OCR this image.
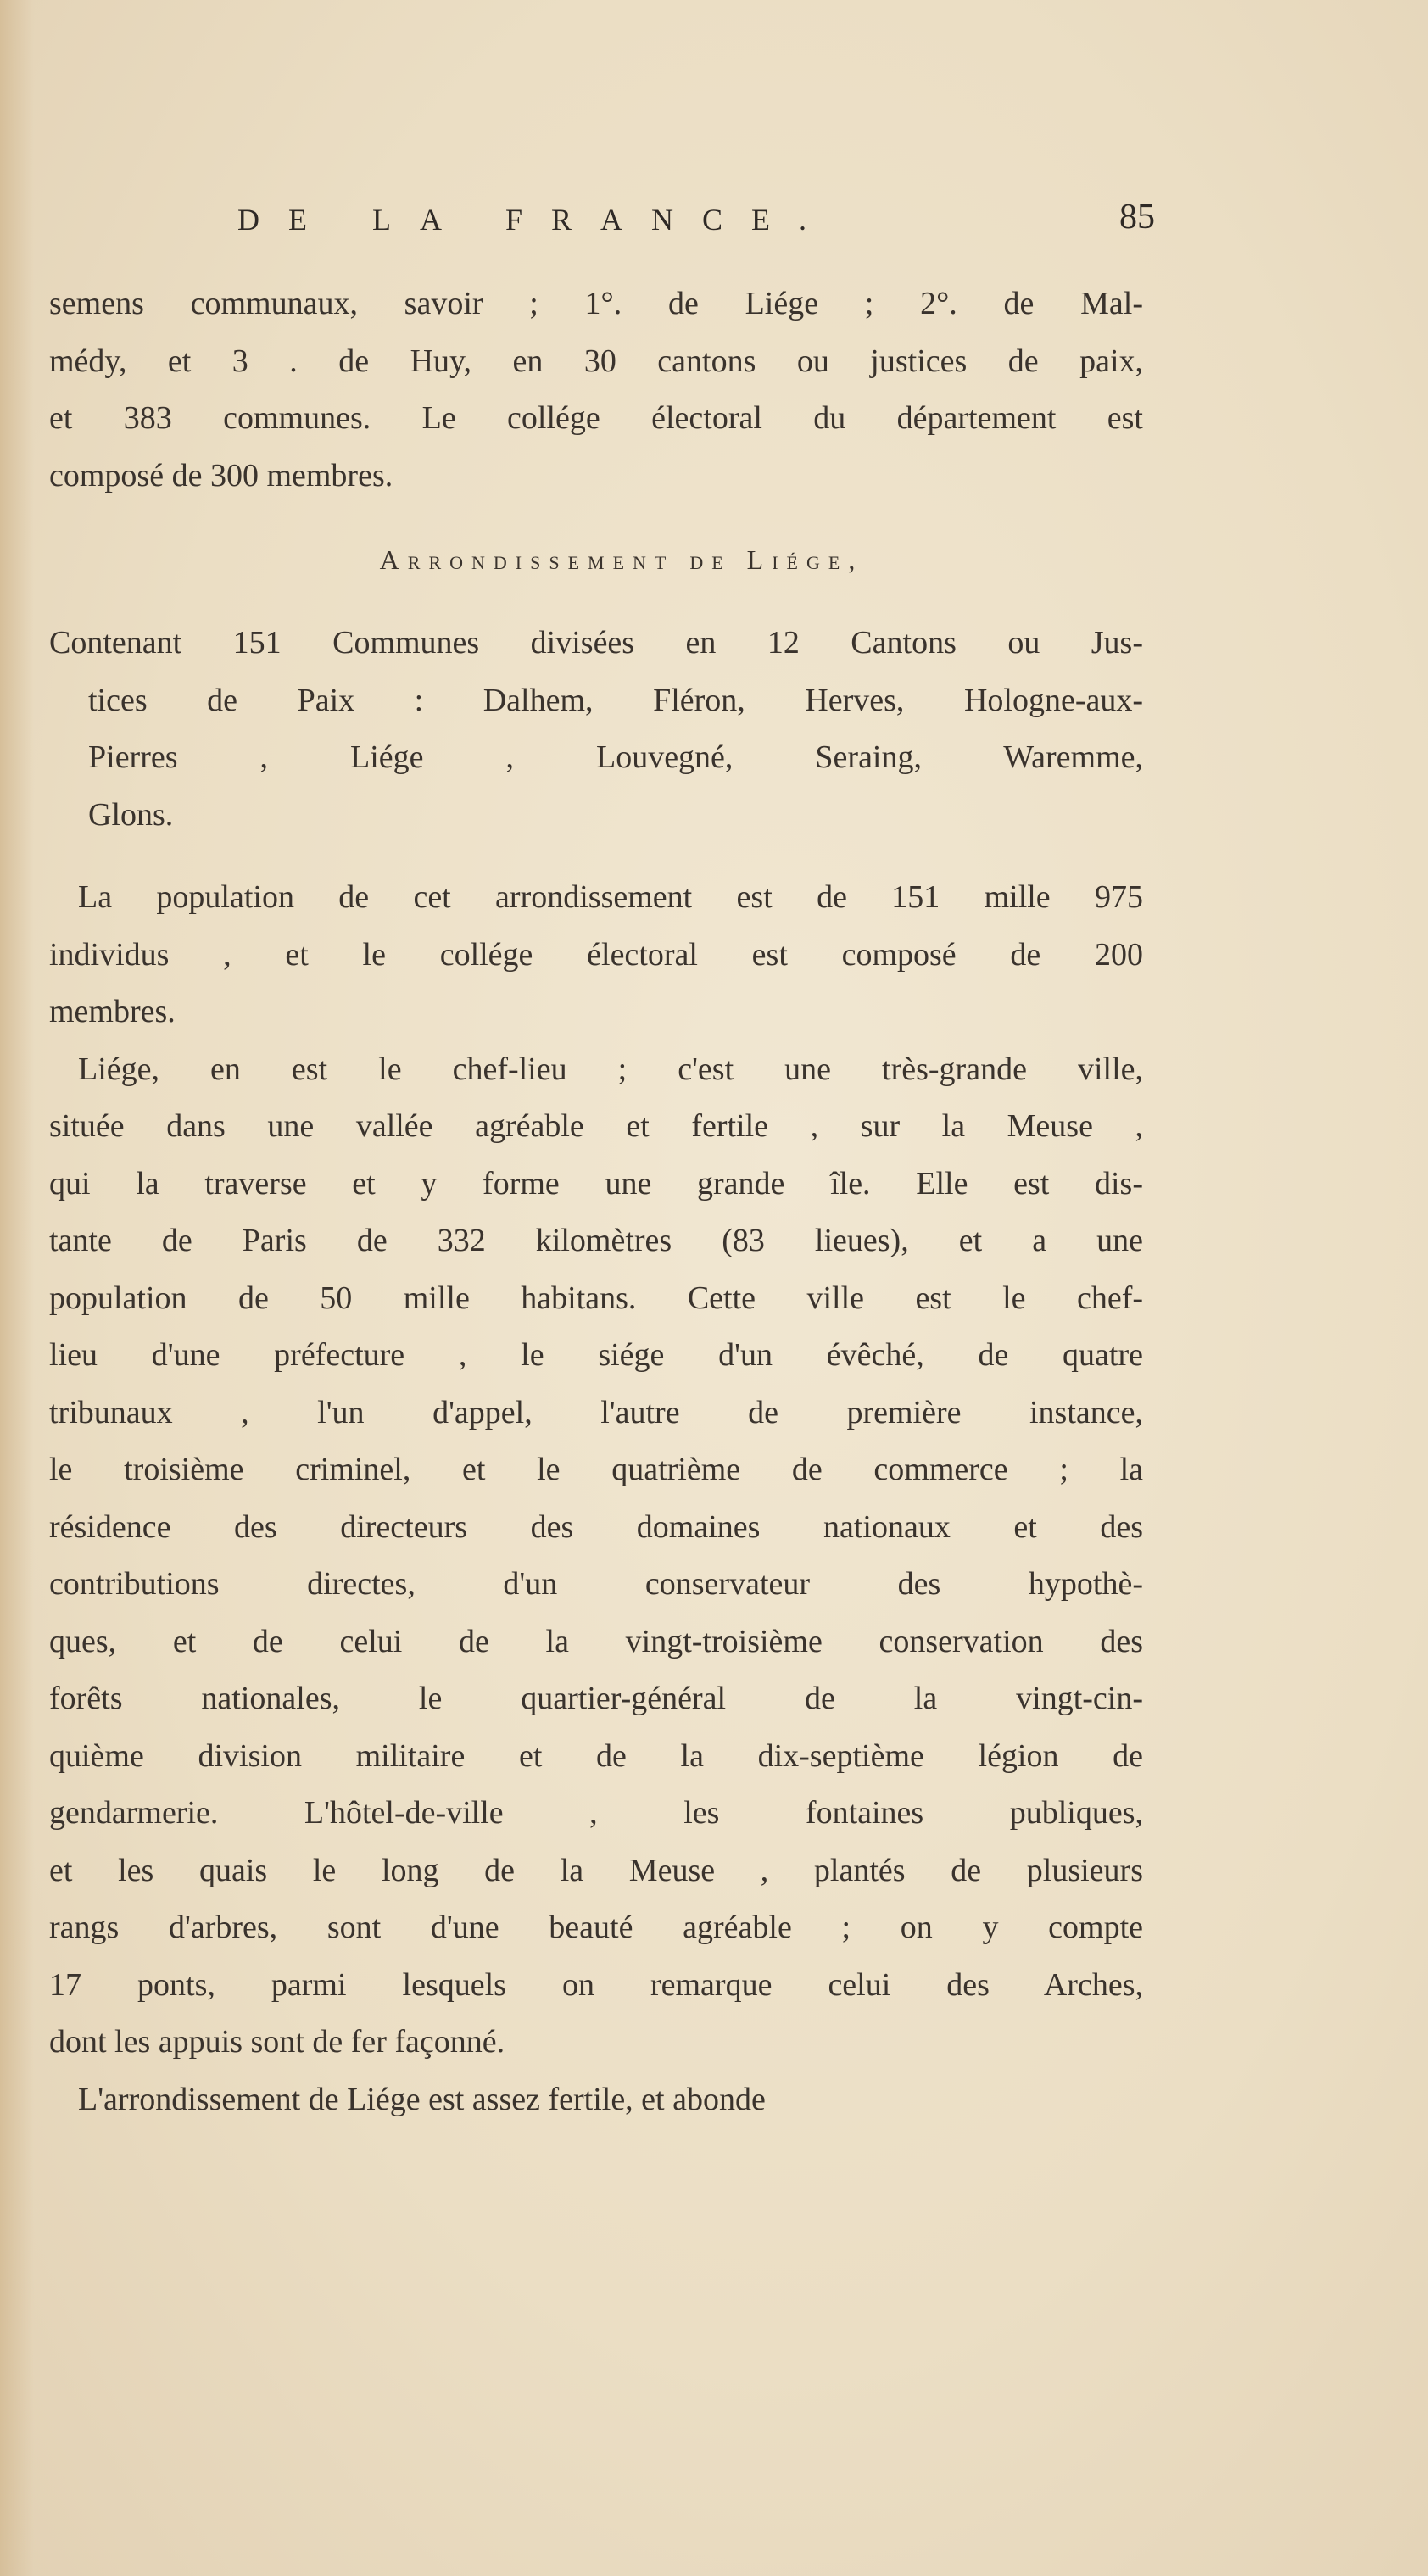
DE LA FRANCE.	85
semens communaux, savoir ; 1°. de Liége ; 2°. de Mal-
médy, et 3 . de Huy, en 30 cantons ou justices de paix,
et 383 communes. Le collége électoral du département est
composé de 300 membres.
Arrondissement de Liége,
Contenant 151 Communes divisées en 12 Cantons ou Jus-
tices de Paix : Dalhem, Fléron, Herves, Hologne-aux-
Pierres , Liége , Louvegné, Seraing, Waremme,
Glons.
La population de cet arrondissement est de 151 mille 975
individus , et le collége électoral est composé de 200
membres.
Liége, en est le chef-lieu ; c'est une très-grande ville,
située dans une vallée agréable et fertile , sur la Meuse ,
qui la traverse et y forme une grande île. Elle est dis-
tante de Paris de 332 kilomètres (83 lieues), et a une
population de 50 mille habitans. Cette ville est le chef-
lieu d'une préfecture , le siége d'un évêché, de quatre
tribunaux , l'un d'appel, l'autre de première instance,
le troisième criminel, et le quatrième de commerce ; la
résidence des directeurs des domaines nationaux et des
contributions directes, d'un conservateur des hypothè-
ques, et de celui de la vingt-troisième conservation des
forêts nationales, le quartier-général de la vingt-cin-
quième division militaire et de la dix-septième légion de
gendarmerie. L'hôtel-de-ville , les fontaines publiques,
et les quais le long de la Meuse , plantés de plusieurs
rangs d'arbres, sont d'une beauté agréable ; on y compte
17 ponts, parmi lesquels on remarque celui des Arches,
dont les appuis sont de fer façonné.
L'arrondissement de Liége est assez fertile, et abonde
